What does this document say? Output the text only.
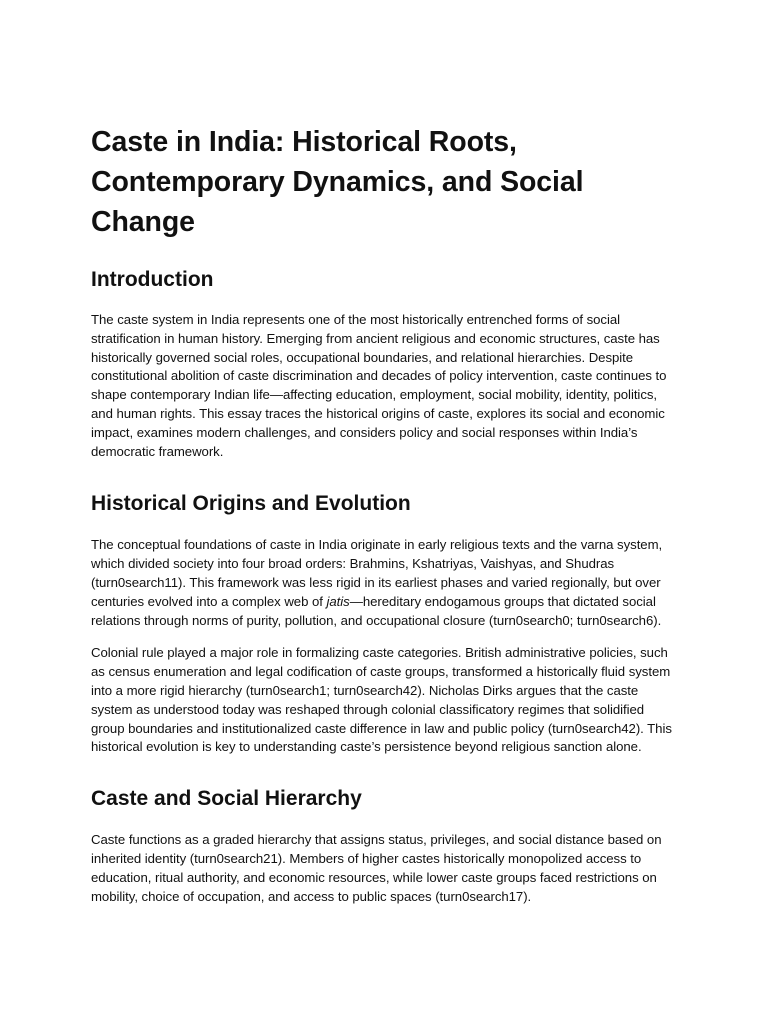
Caste in India: Historical Roots, Contemporary Dynamics, and Social Change
Introduction

The caste system in India represents one of the most historically entrenched forms of social stratification in human history. Emerging from ancient religious and economic structures, caste has historically governed social roles, occupational boundaries, and relational hierarchies. Despite constitutional abolition of caste discrimination and decades of policy intervention, caste continues to shape contemporary Indian life—affecting education, employment, social mobility, identity, politics, and human rights. This essay traces the historical origins of caste, explores its social and economic impact, examines modern challenges, and considers policy and social responses within India’s democratic framework.

Historical Origins and Evolution

The conceptual foundations of caste in India originate in early religious texts and the varna system, which divided society into four broad orders: Brahmins, Kshatriyas, Vaishyas, and Shudras (turn0search11). This framework was less rigid in its earliest phases and varied regionally, but over centuries evolved into a complex web of jatis—hereditary endogamous groups that dictated social relations through norms of purity, pollution, and occupational closure (turn0search0; turn0search6).

Colonial rule played a major role in formalizing caste categories. British administrative policies, such as census enumeration and legal codification of caste groups, transformed a historically fluid system into a more rigid hierarchy (turn0search1; turn0search42). Nicholas Dirks argues that the caste system as understood today was reshaped through colonial classificatory regimes that solidified group boundaries and institutionalized caste difference in law and public policy (turn0search42). This historical evolution is key to understanding caste’s persistence beyond religious sanction alone.

Caste and Social Hierarchy

Caste functions as a graded hierarchy that assigns status, privileges, and social distance based on inherited identity (turn0search21). Members of higher castes historically monopolized access to education, ritual authority, and economic resources, while lower caste groups faced restrictions on mobility, choice of occupation, and access to public spaces (turn0search17).
